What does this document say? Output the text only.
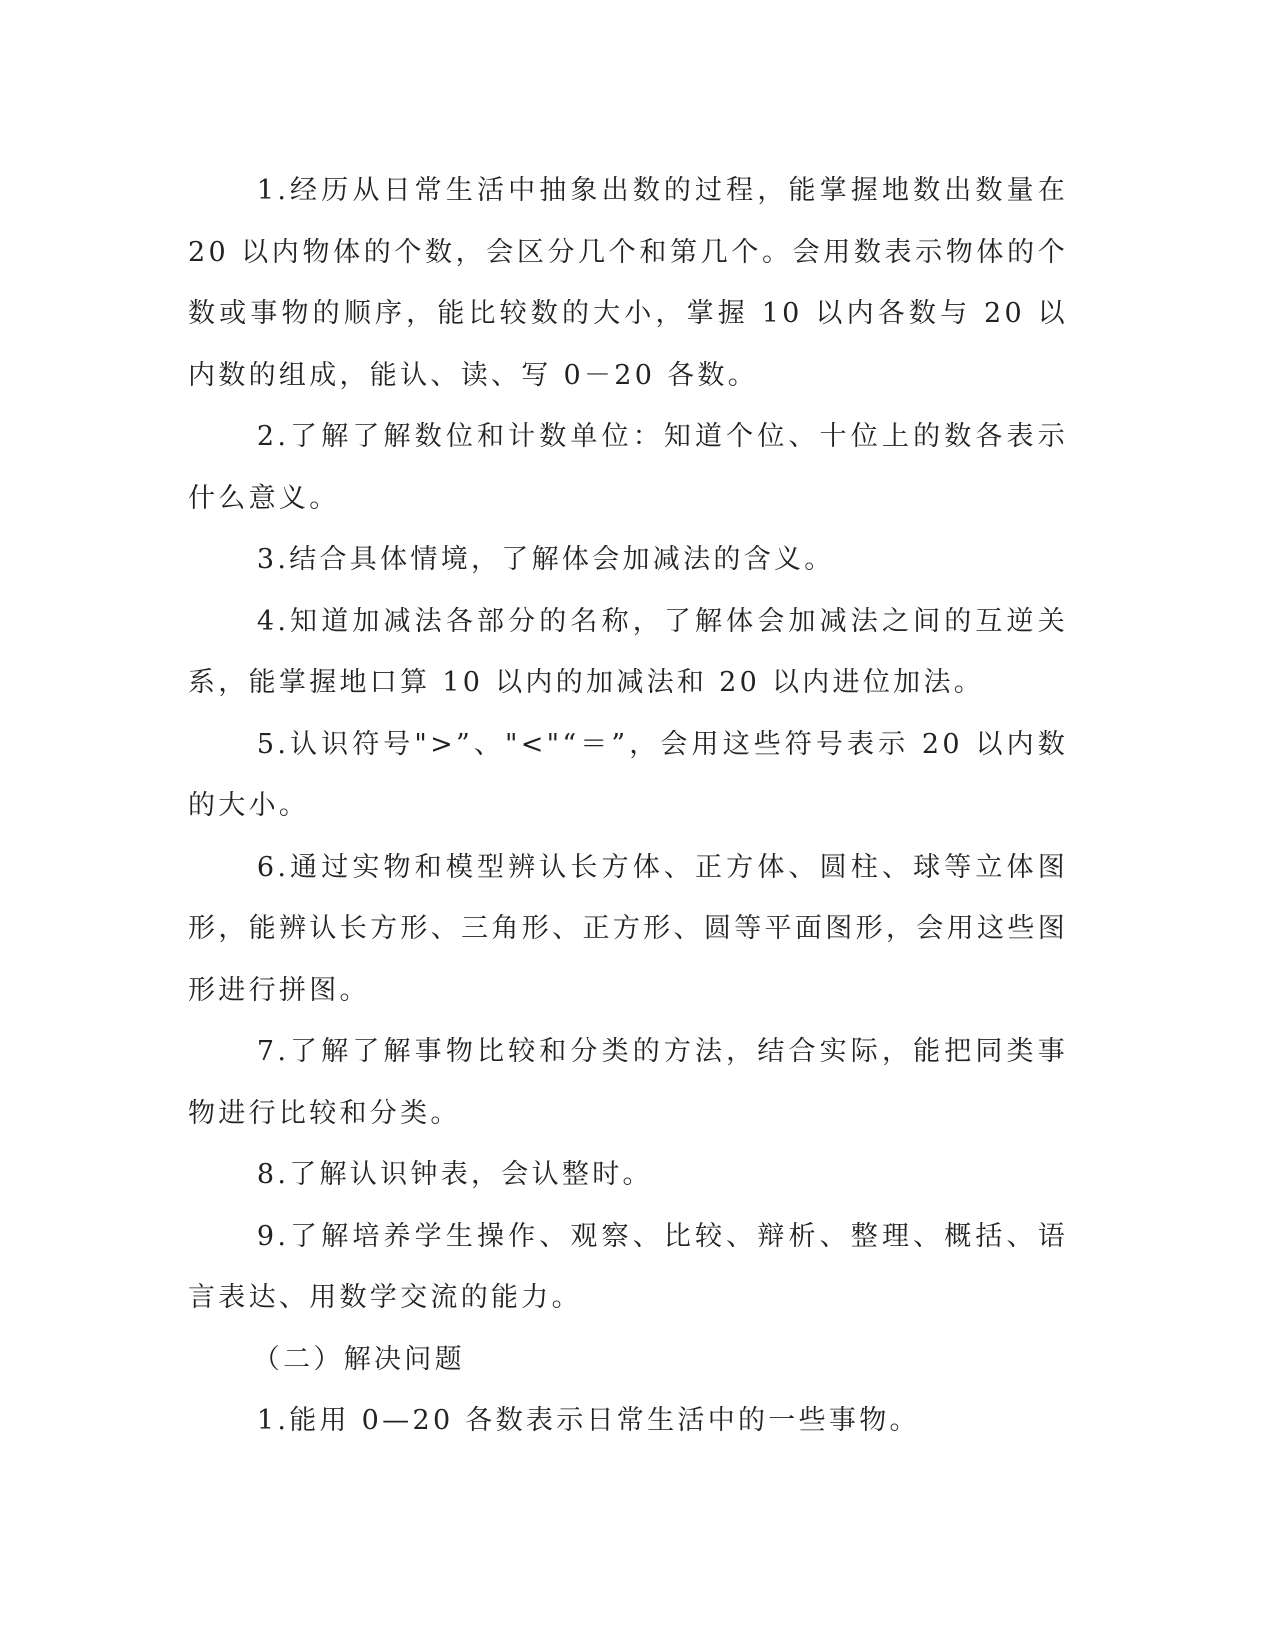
1.经历从日常生活中抽象出数的过程，能掌握地数出数量在 20 以内物体的个数，会区分几个和第几个。会用数表示物体的个数或事物的顺序，能比较数的大小，掌握 10 以内各数与 20 以内数的组成，能认、读、写 0－20 各数。

2.了解了解数位和计数单位：知道个位、十位上的数各表示什么意义。

3.结合具体情境，了解体会加减法的含义。

4.知道加减法各部分的名称，了解体会加减法之间的互逆关系，能掌握地口算 10 以内的加减法和 20 以内进位加法。

5.认识符号">”、"<"“＝”，会用这些符号表示 20 以内数的大小。

6.通过实物和模型辨认长方体、正方体、圆柱、球等立体图形，能辨认长方形、三角形、正方形、圆等平面图形，会用这些图形进行拼图。

7.了解了解事物比较和分类的方法，结合实际，能把同类事物进行比较和分类。

8.了解认识钟表，会认整时。

9.了解培养学生操作、观察、比较、辩析、整理、概括、语言表达、用数学交流的能力。

（二）解决问题

1.能用 0—20 各数表示日常生活中的一些事物。
